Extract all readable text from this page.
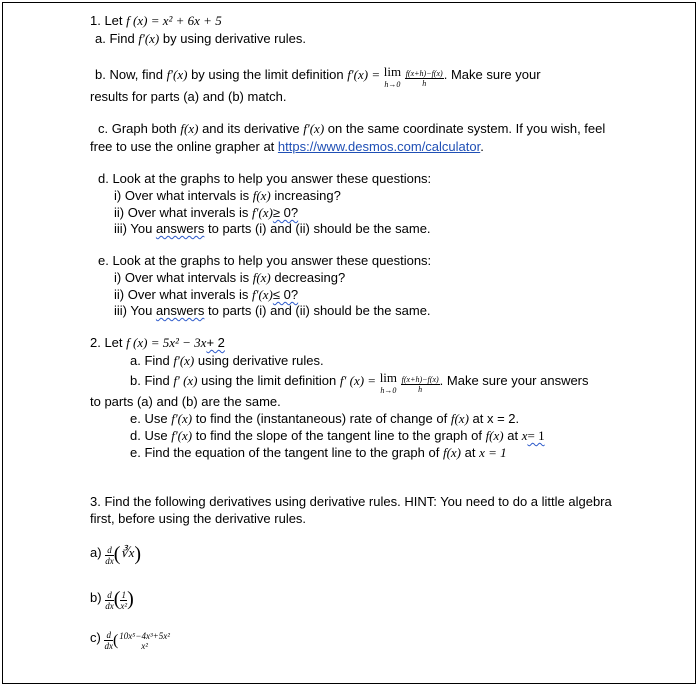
1. Let f (x) = x² + 6x + 5
a. Find f′(x) by using derivative rules.
b. Now, find f′(x) by using the limit definition f′(x) = lim
$h\to 0 \frac{f(x+h)-f(x)}{h}$ . Make sure your
results for parts (a) and (b) match.
c. Graph both f(x) and its derivative f′(x) on the same coordinate system. If you wish, feel
free to use the online grapher at https://www.desmos.com/calculator.
d. Look at the graphs to help you answer these questions:
i) Over what intervals is f(x) increasing?
ii) Over what inverals is f′(x)≥ 0?
iii) You answers to parts (i) and (ii) should be the same.
e. Look at the graphs to help you answer these questions:
i) Over what intervals is f(x) decreasing?
ii) Over what inverals is f′(x)≤ 0?
iii) You answers to parts (i) and (ii) should be the same.
2. Let f (x) = 5x² − 3x+ 2
a. Find f′(x) using derivative rules.
b. Find f′ (x) using the limit definition f′ (x) = lim
$h\to 0 \frac{f(x+h)-f(x)}{h}$ . Make sure your answers
to parts (a) and (b) are the same.
e. Use f′(x) to find the (instantaneous) rate of change of f(x) at x = 2.
d. Use f′(x) to find the slope of the tangent line to the graph of f(x) at x= 1
e. Find the equation of the tangent line to the graph of f(x) at x = 1
3. Find the following derivatives using derivative rules. HINT: You need to do a little algebra
first, before using the derivative rules.
$a) \frac{d}{dx}$ (∛x)
$b) \frac{d}{dx}$ ( $\frac{1}{\text{x²}}$ )
$c) \frac{d}{dx}$ ( 10x⁵−4x³+5x²
x²
